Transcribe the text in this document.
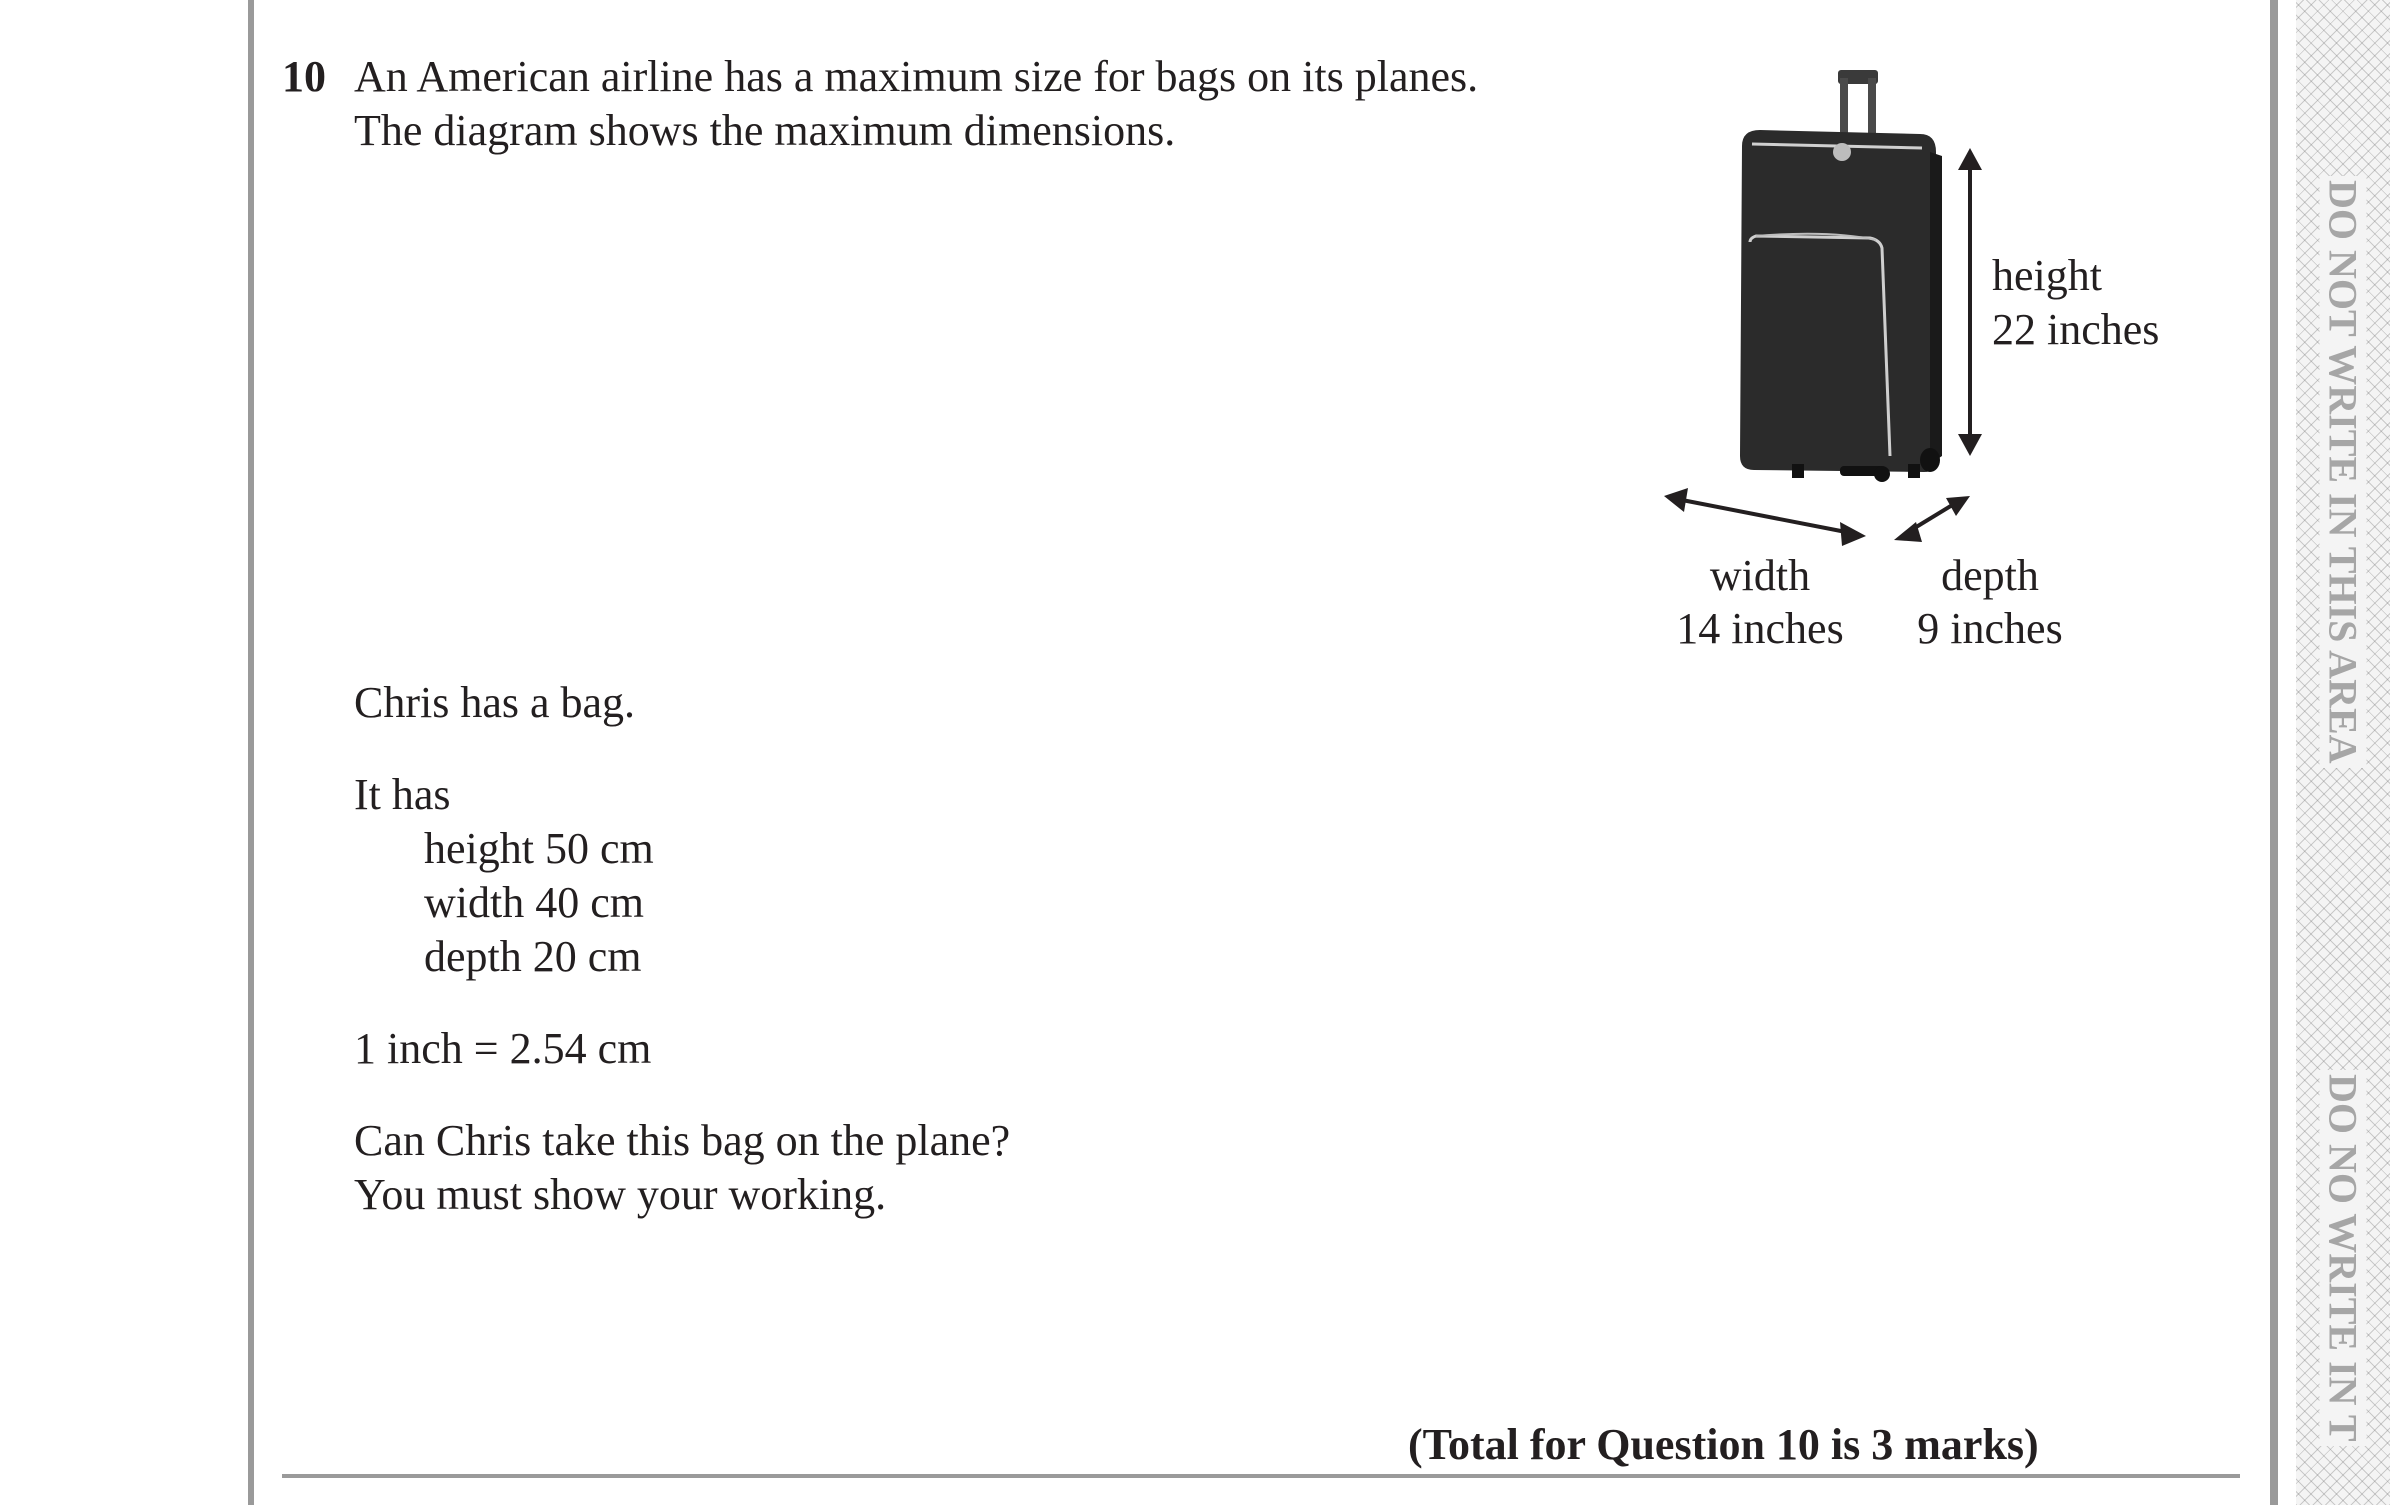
10 An American airline has a maximum size for bags on its planes.
The diagram shows the maximum dimensions.
height
22 inches
width
14 inches
depth
9 inches
Chris has a bag.
It has
height 50 cm
width 40 cm
depth 20 cm
1 inch = 2.54 cm
Can Chris take this bag on the plane?
You must show your working.
(Total for Question 10 is 3 marks)
DO NOT WRITE IN THIS AREA
DO NO WRITE IN T
